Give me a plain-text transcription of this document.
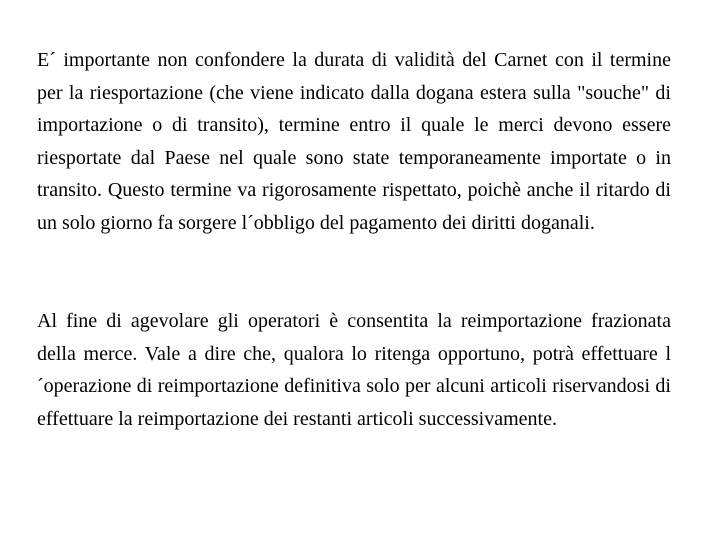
E´ importante non confondere la durata di validità del Carnet con il termine per la riesportazione (che viene indicato dalla dogana estera sulla "souche" di importazione o di transito), termine entro il quale le merci devono essere riesportate dal Paese nel quale sono state temporaneamente importate o in transito. Questo termine va rigorosamente rispettato, poichè anche il ritardo di un solo giorno fa sorgere l´obbligo del pagamento dei diritti doganali.

Al fine di agevolare gli operatori è consentita la reimportazione frazionata della merce. Vale a dire che, qualora lo ritenga opportuno, potrà effettuare l´operazione di reimportazione definitiva solo per alcuni articoli riservandosi di effettuare la reimportazione dei restanti articoli successivamente.
